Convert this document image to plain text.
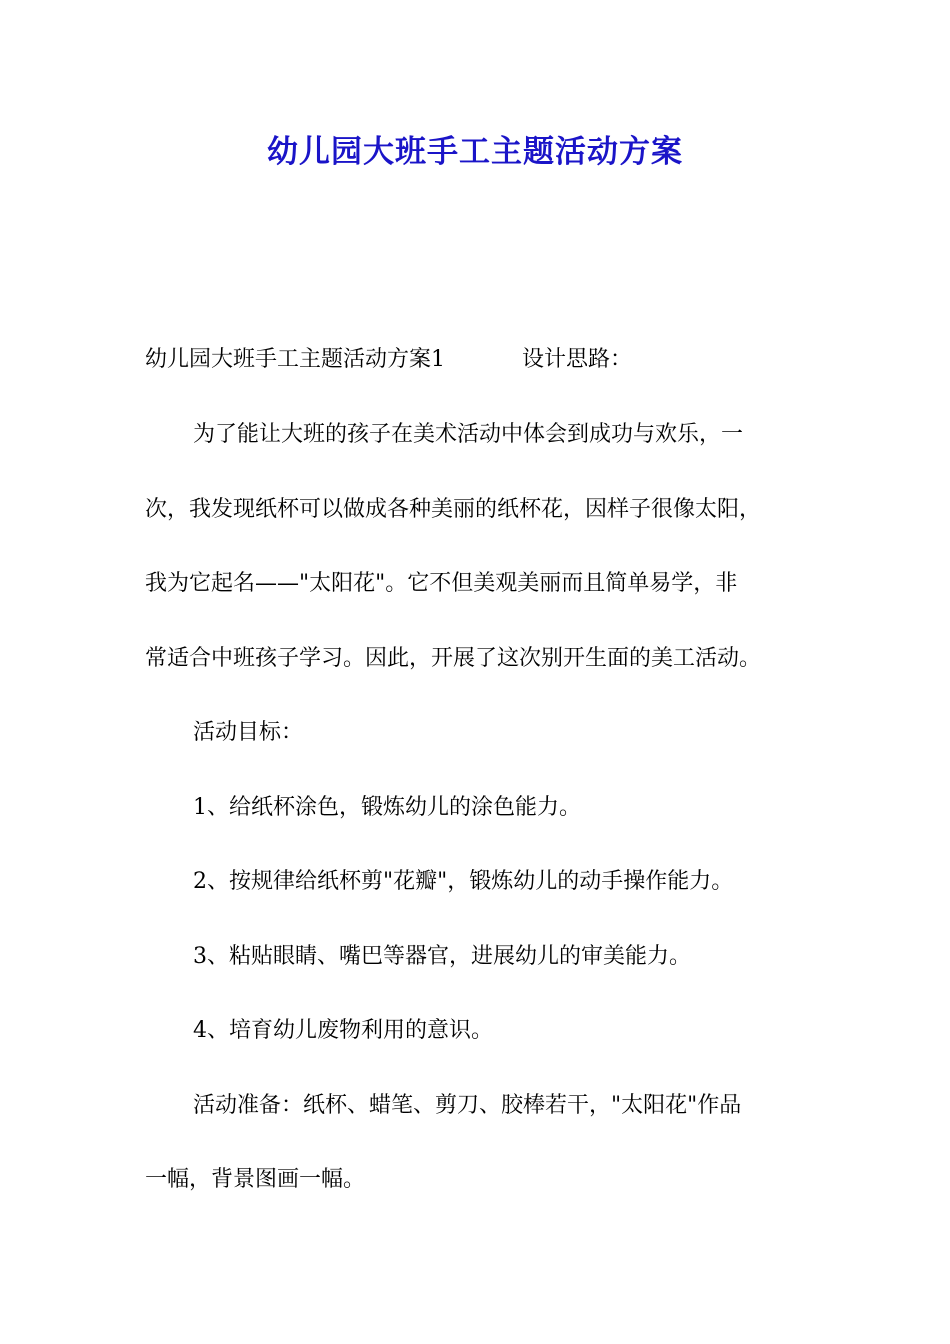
幼儿园大班手工主题活动方案
幼儿园大班手工主题活动方案1	设计思路：
为了能让大班的孩子在美术活动中体会到成功与欢乐，一
次，我发现纸杯可以做成各种美丽的纸杯花，因样子很像太阳，
我为它起名——"太阳花"。它不但美观美丽而且简单易学，非
常适合中班孩子学习。因此，开展了这次别开生面的美工活动。
活动目标：
1、给纸杯涂色，锻炼幼儿的涂色能力。
2、按规律给纸杯剪"花瓣"，锻炼幼儿的动手操作能力。
3、粘贴眼睛、嘴巴等器官，进展幼儿的审美能力。
4、培育幼儿废物利用的意识。
活动准备：纸杯、蜡笔、剪刀、胶棒若干，"太阳花"作品
一幅，背景图画一幅。
